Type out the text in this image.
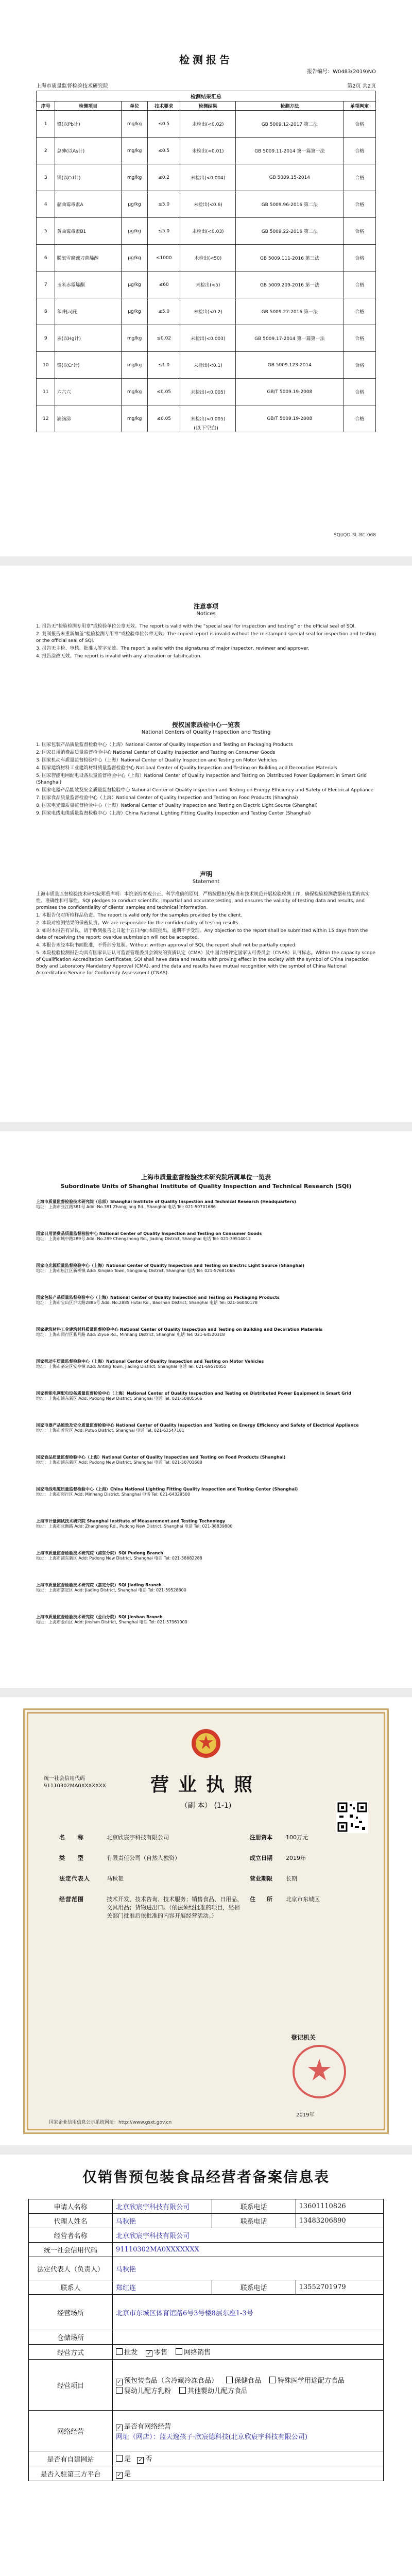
检测报告
报告编号：W0483(2019)NO
上海市质量监督检验技术研究院	第2页 共2页
检测结果汇总						
序号	检测项目	单位	技术要求	检测结果	检测方法	单项判定
1	铅(以Pb计)	mg/kg	≤0.5	未检出(<0.02)	GB 5009.12-2017 第二法	合格
2	总砷(以As计)	mg/kg	≤0.5	未检出(<0.01)	GB 5009.11-2014 第一篇第一法	合格
3	镉(以Cd计)	mg/kg	≤0.2	未检出(<0.004)	GB 5009.15-2014	合格
4	赭曲霉毒素A	μg/kg	≤5.0	未检出(<0.6)	GB 5009.96-2016 第二法	合格
5	黄曲霉毒素B1	μg/kg	≤5.0	未检出(<0.03)	GB 5009.22-2016 第二法	合格
6	脱氧雪腐镰刀菌烯醇	μg/kg	≤1000	未检出(<50)	GB 5009.111-2016 第三法	合格
7	玉米赤霉烯酮	μg/kg	≤60	未检出(<5)	GB 5009.209-2016 第一法	合格
8	苯并[a]芘	μg/kg	≤5.0	未检出(<0.2)	GB 5009.27-2016 第一法	合格
9	汞(以Hg计)	mg/kg	≤0.02	未检出(<0.003)	GB 5009.17-2014 第一篇第一法	合格
10	铬(以Cr计)	mg/kg	≤1.0	未检出(<0.1)	GB 5009.123-2014	合格
11	六六六	mg/kg	≤0.05	未检出(<0.005)	GB/T 5009.19-2008	合格
12	滴滴涕	mg/kg	≤0.05	未检出(<0.005)	GB/T 5009.19-2008	合格
(以下空白)
SQI/QD-3L-RC-068
注意事项
Notices

1. 报告无“检验检测专用章”或检验单位公章无效。The report is valid with the “special seal for inspection and testing” or the official seal of SQI.

2. 复制报告未重新加盖“检验检测专用章”或检验单位公章无效。The copied report is invalid without the re-stamped special seal for inspection and testing or the official seal of SQI.

3. 报告无主检、审核、批准人签字无效。The report is valid with the signatures of major inspector, reviewer and approver.

4. 报告涂改无效。The report is invalid with any alteration or falsification.

授权国家质检中心一览表
National Centers of Quality Inspection and Testing

1. 国家包装产品质量监督检验中心（上海）National Center of Quality Inspection and Testing on Packaging Products

2. 国家日用消费品质量监督检验中心 National Center of Quality Inspection and Testing on Consumer Goods

3. 国家机动车质量监督检验中心（上海）National Center of Quality Inspection and Testing on Motor Vehicles

4. 国家建筑材料工业建筑材料质量监督检验中心 National Center of Quality Inspection and Testing on Building and Decoration Materials

5. 国家智能电网配电设备质量监督检验中心（上海）National Center of Quality Inspection and Testing on Distributed Power Equipment in Smart Grid (Shanghai)

6. 国家电器产品能效及安全质量监督检验中心 National Center of Quality Inspection and Testing on Energy Efficiency and Safety of Electrical Appliance

7. 国家食品质量监督检验中心（上海）National Center of Quality Inspection and Testing on Food Products (Shanghai)

8. 国家电光源质量监督检验中心（上海）National Center of Quality Inspection and Testing on Electric Light Source (Shanghai)

9. 国家电线电缆质量监督检验中心（上海）China National Lighting Fitting Quality Inspection and Testing Center (Shanghai)

声明
Statement

上海市质量监督检验技术研究院郑重声明：本院坚持客观公正、科学准确的原则，严格按照相关标准和技术规范开展检验检测工作，确保检验检测数据和结果的真实性、准确性和可靠性。SQI pledges to conduct scientific, impartial and accurate testing, and ensures the validity of testing data and results, and promises the confidentiality of clients' samples and technical information.

1. 本报告仅对所检样品负责。The report is valid only for the samples provided by the client.

2. 本院对检测结果的保密负责。We are responsible for the confidentiality of testing results.

3. 如对本报告有异议，请于收到报告之日起十五日内向本院提出，逾期不予受理。Any objection to the report shall be submitted within 15 days from the date of receiving the report; overdue submission will not be accepted.

4. 本报告未经本院书面批准，不得部分复制。Without written approval of SQI, the report shall not be partially copied.

5. 本院检验检测报告均具有国家认证认可监督管理委员会颁发的资质认定（CMA）及中国合格评定国家认可委员会（CNAS）认可标志。Within the capacity scope of Qualification Accreditation Certificates, SQI shall have data and results with proving effect in the society with the symbol of China Inspection Body and Laboratory Mandatory Approval (CMA), and the data and results have mutual recognition with the symbol of China National Accreditation Service for Conformity Assessment (CNAS).

上海市质量监督检验技术研究院所属单位一览表
Subordinate Units of Shanghai Institute of Quality Inspection and Technical Research (SQI)
上海市质量监督检验技术研究院（总部）Shanghai Institute of Quality Inspection and Technical Research (Headquarters)
地址：上海市张江路381号 Add: No.381 Zhangjiang Rd., Shanghai 电话 Tel: 021-50701686
国家日用消费品质量监督检验中心 National Center of Quality Inspection and Testing on Consumer Goods
地址：上海市城中路289号 Add: No.289 Chengzhong Rd., Jiading District, Shanghai 电话 Tel: 021-39514012
国家电光源质量监督检验中心（上海）National Center of Quality Inspection and Testing on Electric Light Source (Shanghai)
地址：上海市松江区新桥镇 Add: Xinqiao Town, Songjiang District, Shanghai 电话 Tel: 021-57681066
国家包装产品质量监督检验中心（上海）National Center of Quality Inspection and Testing on Packaging Products
地址：上海市宝山区沪太路2885号 Add: No.2885 Hutai Rd., Baoshan District, Shanghai 电话 Tel: 021-56040178
国家建筑材料工业建筑材料质量监督检验中心 National Center of Quality Inspection and Testing on Building and Decoration Materials
地址：上海市闵行区紫月路 Add: Ziyue Rd., Minhang District, Shanghai 电话 Tel: 021-64520318
国家机动车质量监督检验中心（上海）National Center of Quality Inspection and Testing on Motor Vehicles
地址：上海市嘉定区安亭镇 Add: Anting Town, Jiading District, Shanghai 电话 Tel: 021-69570055
国家智能电网配电设备质量监督检验中心（上海）National Center of Quality Inspection and Testing on Distributed Power Equipment in Smart Grid
地址：上海市浦东新区 Add: Pudong New District, Shanghai 电话 Tel: 021-50805566
国家电器产品能效及安全质量监督检验中心 National Center of Quality Inspection and Testing on Energy Efficiency and Safety of Electrical Appliance
地址：上海市普陀区 Add: Putuo District, Shanghai 电话 Tel: 021-62547181
国家食品质量监督检验中心（上海）National Center of Quality Inspection and Testing on Food Products (Shanghai)
地址：上海市浦东新区 Add: Pudong New District, Shanghai 电话 Tel: 021-50701688
国家电线电缆质量监督检验中心（上海）China National Lighting Fitting Quality Inspection and Testing Center (Shanghai)
地址：上海市闵行区 Add: Minhang District, Shanghai 电话 Tel: 021-64329500
上海市计量测试技术研究院 Shanghai Institute of Measurement and Testing Technology
地址：上海市张衡路 Add: Zhangheng Rd., Pudong New District, Shanghai 电话 Tel: 021-38839800
上海市质量监督检验技术研究院（浦东分院）SQI Pudong Branch
地址：上海市浦东新区 Add: Pudong New District, Shanghai 电话 Tel: 021-58882288
上海市质量监督检验技术研究院（嘉定分院）SQI Jiading Branch
地址：上海市嘉定区 Add: Jiading District, Shanghai 电话 Tel: 021-59528800
上海市质量监督检验技术研究院（金山分院）SQI Jinshan Branch
地址：上海市金山区 Add: Jinshan District, Shanghai 电话 Tel: 021-57961000
统一社会信用代码
91110302MA0XXXXXXX	营业执照
（副 本） (1-1)
名　　称	北京欣宸宇科技有限公司
类　　型	有限责任公司（自然人独资）
法定代表人	马秋艳
经营范围	技术开发、技术咨询、技术服务；销售食品、日用品、文具用品；货物进出口。（依法须经批准的项目，经相关部门批准后依批准的内容开展经营活动。）
注册资本	100万元
成立日期	2019年
营业期限	长期
住　　所	北京市东城区
登记机关
2019年
国家企业信用信息公示系统网址：http://www.gsxt.gov.cn
仅销售预包装食品经营者备案信息表
申请人名称	北京欣宸宇科技有限公司	联系电话	13601110826
代理人姓名	马秋艳	联系电话	13483206890
经营者名称	北京欣宸宇科技有限公司		
统一社会信用代码	91110302MA0XXXXXXX		
法定代表人（负责人）	马秋艳		
联系人	郑红连	联系电话	13552701979
经营场所	北京市东城区体育馆路6号3号楼8层东座1-3号		
仓储场所			
经营方式	批发 ✓ 零售 网络销售		
经营项目	✓ 预包装食品（含冷藏冷冻食品） 保健食品 特殊医学用途配方食品婴幼儿配方乳粉 其他婴幼儿配方食品		
网络经营	✓ 是否有网络经营
网址（网店）：蓝天逸孩子·欣宸德科技(北京欣宸宇科技有限公司)		

是否有自建网站	是 ✓ 否		
是否入驻第三方平台	✓ 是		
